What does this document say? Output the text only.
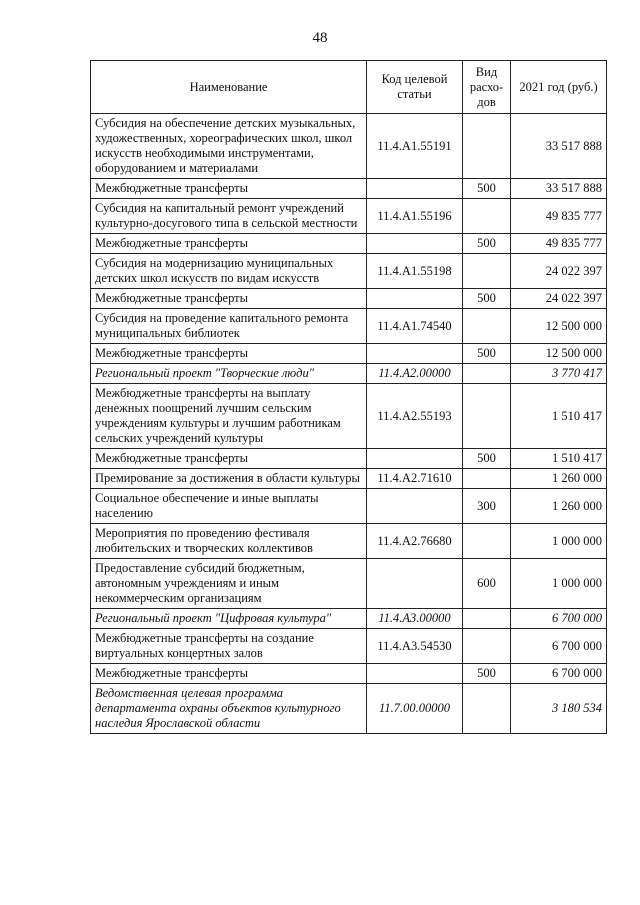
48
Наименование	Код целевой статьи	Вид расхо-дов	2021 год (руб.)
Субсидия на обеспечение детских музыкальных, художественных, хореографических школ, школ искусств необходимыми инструментами, оборудованием и материалами	11.4.А1.55191		33 517 888
Межбюджетные трансферты		500	33 517 888
Субсидия на капитальный ремонт учреждений культурно-досугового типа в сельской местности	11.4.А1.55196		49 835 777
Межбюджетные трансферты		500	49 835 777
Субсидия на модернизацию муниципальных детских школ искусств по видам искусств	11.4.А1.55198		24 022 397
Межбюджетные трансферты		500	24 022 397
Субсидия на проведение капитального ремонта муниципальных библиотек	11.4.А1.74540		12 500 000
Межбюджетные трансферты		500	12 500 000
Региональный проект "Творческие люди"	11.4.А2.00000		3 770 417
Межбюджетные трансферты на выплату денежных поощрений лучшим сельским учреждениям культуры и лучшим работникам сельских учреждений культуры	11.4.А2.55193		1 510 417
Межбюджетные трансферты		500	1 510 417
Премирование за достижения в области культуры	11.4.А2.71610		1 260 000
Социальное обеспечение и иные выплаты населению		300	1 260 000
Мероприятия по проведению фестиваля любительских и творческих коллективов	11.4.А2.76680		1 000 000
Предоставление субсидий бюджетным, автономным учреждениям и иным некоммерческим организациям		600	1 000 000
Региональный проект "Цифровая культура"	11.4.А3.00000		6 700 000
Межбюджетные трансферты на создание виртуальных концертных залов	11.4.А3.54530		6 700 000
Межбюджетные трансферты		500	6 700 000
Ведомственная целевая программа департамента охраны объектов культурного наследия Ярославской области	11.7.00.00000		3 180 534
